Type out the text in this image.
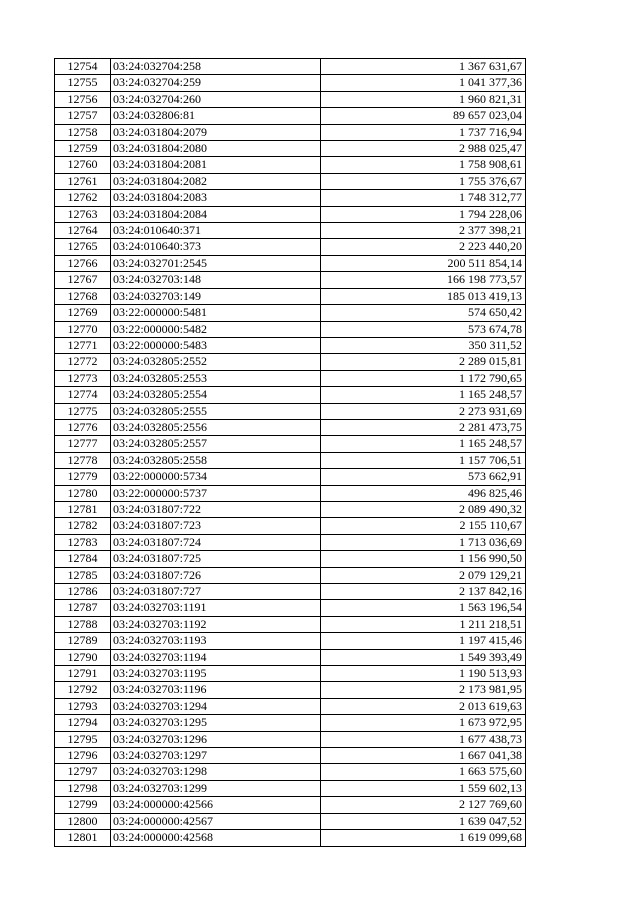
12754	03:24:032704:258	1 367 631,67
12755	03:24:032704:259	1 041 377,36
12756	03:24:032704:260	1 960 821,31
12757	03:24:032806:81	89 657 023,04
12758	03:24:031804:2079	1 737 716,94
12759	03:24:031804:2080	2 988 025,47
12760	03:24:031804:2081	1 758 908,61
12761	03:24:031804:2082	1 755 376,67
12762	03:24:031804:2083	1 748 312,77
12763	03:24:031804:2084	1 794 228,06
12764	03:24:010640:371	2 377 398,21
12765	03:24:010640:373	2 223 440,20
12766	03:24:032701:2545	200 511 854,14
12767	03:24:032703:148	166 198 773,57
12768	03:24:032703:149	185 013 419,13
12769	03:22:000000:5481	574 650,42
12770	03:22:000000:5482	573 674,78
12771	03:22:000000:5483	350 311,52
12772	03:24:032805:2552	2 289 015,81
12773	03:24:032805:2553	1 172 790,65
12774	03:24:032805:2554	1 165 248,57
12775	03:24:032805:2555	2 273 931,69
12776	03:24:032805:2556	2 281 473,75
12777	03:24:032805:2557	1 165 248,57
12778	03:24:032805:2558	1 157 706,51
12779	03:22:000000:5734	573 662,91
12780	03:22:000000:5737	496 825,46
12781	03:24:031807:722	2 089 490,32
12782	03:24:031807:723	2 155 110,67
12783	03:24:031807:724	1 713 036,69
12784	03:24:031807:725	1 156 990,50
12785	03:24:031807:726	2 079 129,21
12786	03:24:031807:727	2 137 842,16
12787	03:24:032703:1191	1 563 196,54
12788	03:24:032703:1192	1 211 218,51
12789	03:24:032703:1193	1 197 415,46
12790	03:24:032703:1194	1 549 393,49
12791	03:24:032703:1195	1 190 513,93
12792	03:24:032703:1196	2 173 981,95
12793	03:24:032703:1294	2 013 619,63
12794	03:24:032703:1295	1 673 972,95
12795	03:24:032703:1296	1 677 438,73
12796	03:24:032703:1297	1 667 041,38
12797	03:24:032703:1298	1 663 575,60
12798	03:24:032703:1299	1 559 602,13
12799	03:24:000000:42566	2 127 769,60
12800	03:24:000000:42567	1 639 047,52
12801	03:24:000000:42568	1 619 099,68
